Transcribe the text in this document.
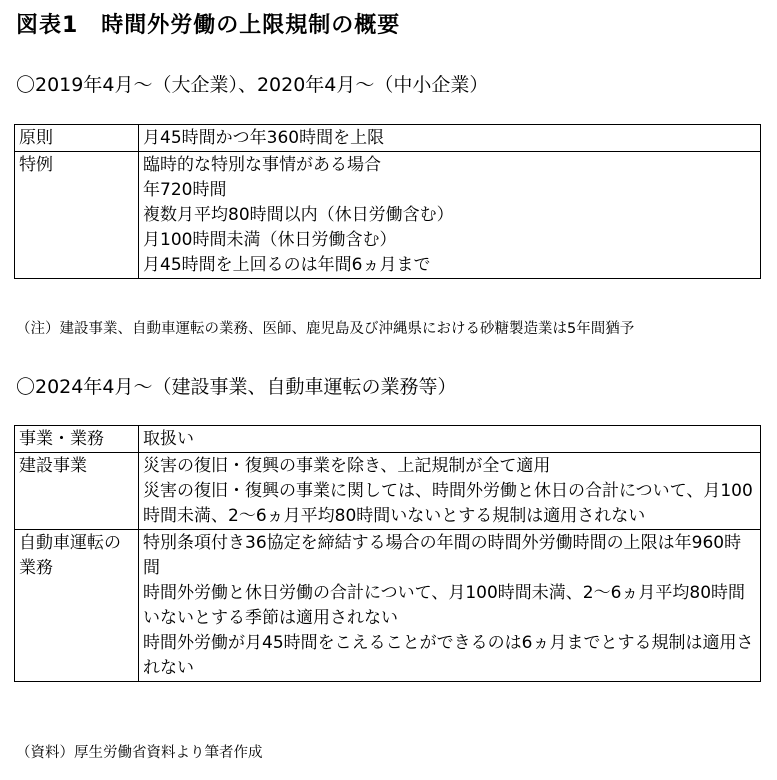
図表1　時間外労働の上限規制の概要
〇2019年4月～（大企業）、2020年4月～（中小企業）
原則	月45時間かつ年360時間を上限

特例	臨時的な特別な事情がある場合
年720時間
複数月平均80時間以内（休日労働含む）
月100時間未満（休日労働含む）
月45時間を上回るのは年間6ヵ月まで
（注）建設事業、自動車運転の業務、医師、鹿児島及び沖縄県における砂糖製造業は5年間猶予
〇2024年4月～（建設事業、自動車運転の業務等）
事業・業務	取扱い
建設事業	災害の復旧・復興の事業を除き、上記規制が全て適用
災害の復旧・復興の事業に関しては、時間外労働と休日の合計について、月100時間未満、2～6ヵ月平均80時間いないとする規制は適用されない

自動車運転の業務	特別条項付き36協定を締結する場合の年間の時間外労働時間の上限は年960時間
時間外労働と休日労働の合計について、月100時間未満、2～6ヵ月平均80時間いないとする季節は適用されない
時間外労働が月45時間をこえることができるのは6ヵ月までとする規制は適用されない
（資料）厚生労働省資料より筆者作成
